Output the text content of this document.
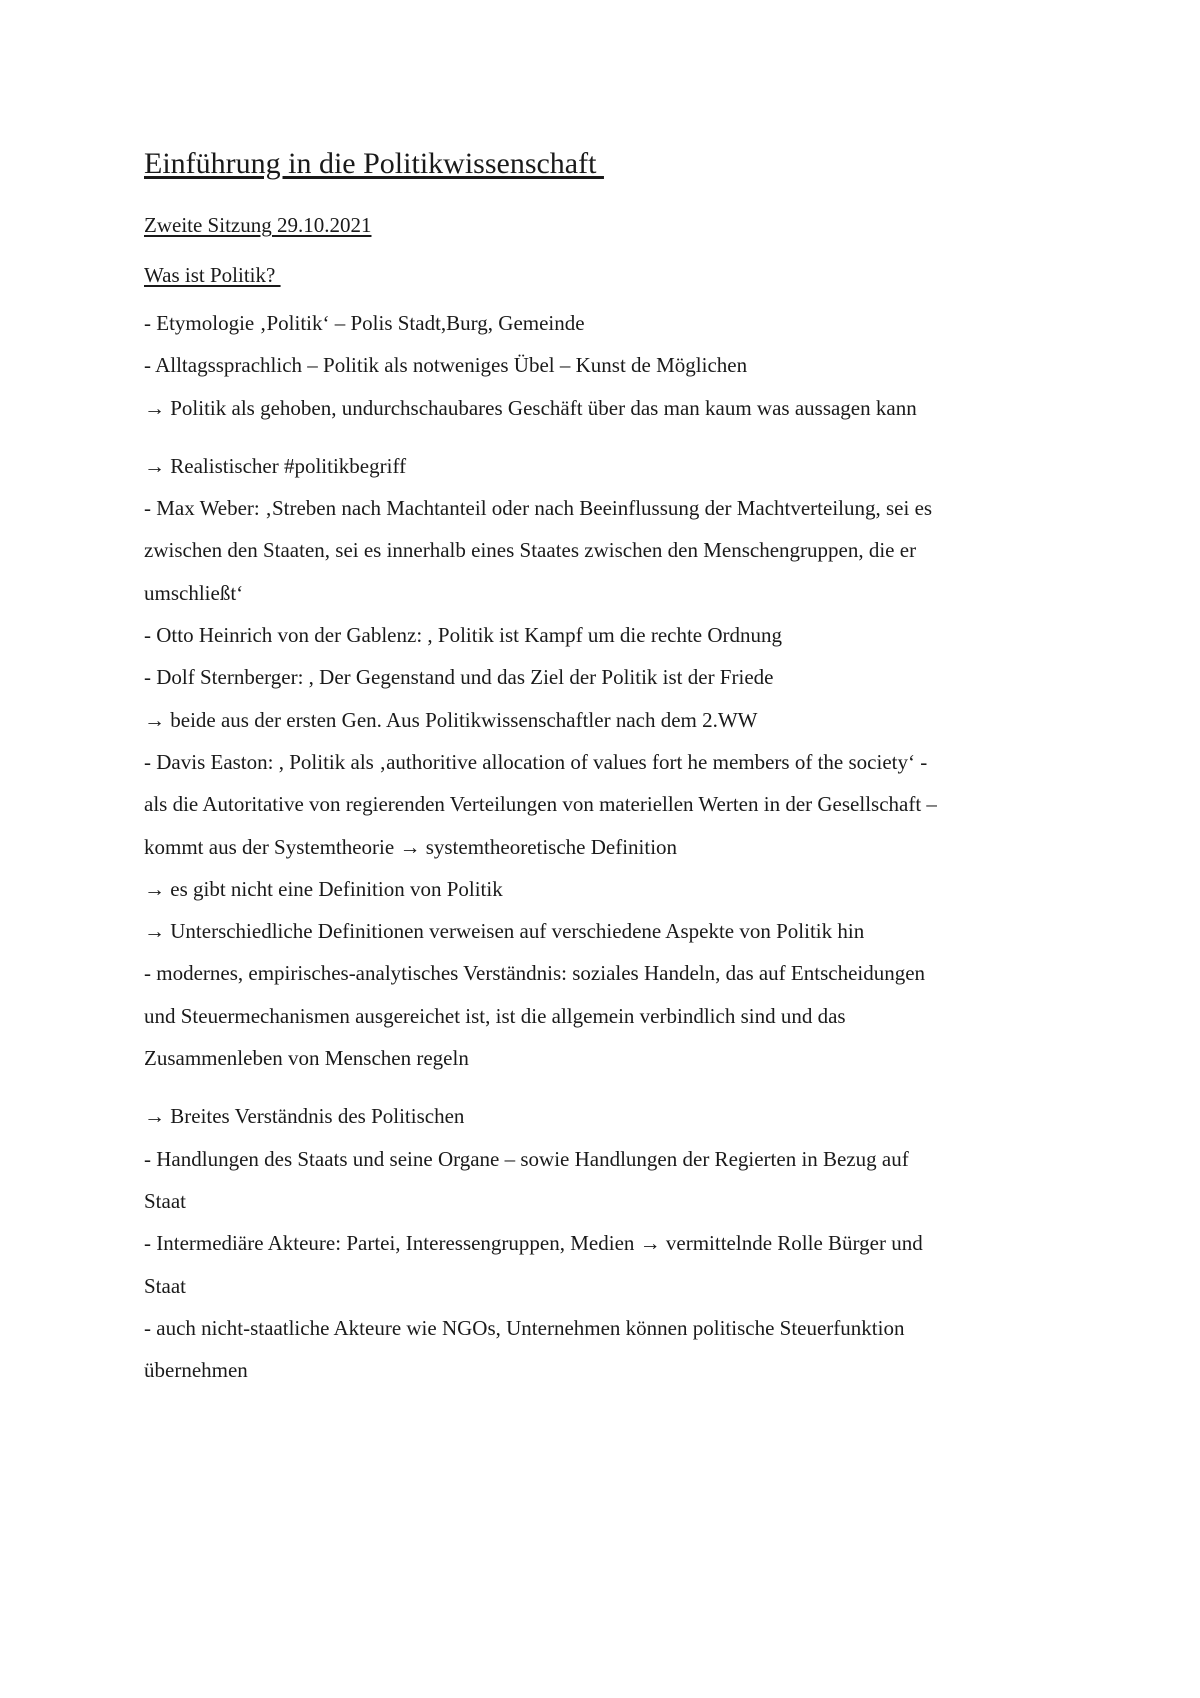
Einführung in die Politikwissenschaft
Zweite Sitzung 29.10.2021
Was ist Politik?
- Etymologie ‚Politik‘ – Polis Stadt,Burg, Gemeinde
- Alltagssprachlich – Politik als notweniges Übel – Kunst de Möglichen
→ Politik als gehoben, undurchschaubares Geschäft über das man kaum was aussagen kann
→ Realistischer #politikbegriff
- Max Weber: ‚Streben nach Machtanteil oder nach Beeinflussung der Machtverteilung, sei es
zwischen den Staaten, sei es innerhalb eines Staates zwischen den Menschengruppen, die er
umschließt‘
- Otto Heinrich von der Gablenz: , Politik ist Kampf um die rechte Ordnung
- Dolf Sternberger: , Der Gegenstand und das Ziel der Politik ist der Friede
→ beide aus der ersten Gen. Aus Politikwissenschaftler nach dem 2.WW
- Davis Easton: , Politik als ‚authoritive allocation of values fort he members of the society‘ -
als die Autoritative von regierenden Verteilungen von materiellen Werten in der Gesellschaft –
kommt aus der Systemtheorie → systemtheoretische Definition
→ es gibt nicht eine Definition von Politik
→ Unterschiedliche Definitionen verweisen auf verschiedene Aspekte von Politik hin
- modernes, empirisches-analytisches Verständnis: soziales Handeln, das auf Entscheidungen
und Steuermechanismen ausgereichet ist, ist die allgemein verbindlich sind und das
Zusammenleben von Menschen regeln
→ Breites Verständnis des Politischen
- Handlungen des Staats und seine Organe – sowie Handlungen der Regierten in Bezug auf
Staat
- Intermediäre Akteure: Partei, Interessengruppen, Medien → vermittelnde Rolle Bürger und
Staat
- auch nicht-staatliche Akteure wie NGOs, Unternehmen können politische Steuerfunktion
übernehmen
